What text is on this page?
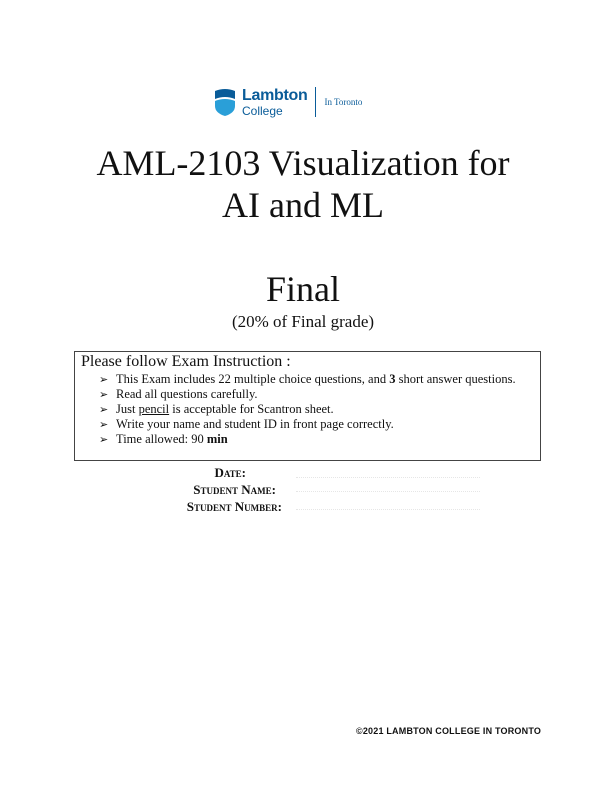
Lambton
College
In Toronto
AML-2103 Visualization for
AI and ML
Final
(20% of Final grade)
Please follow Exam Instruction :
➢ This Exam includes 22 multiple choice questions, and 3 short answer questions.
➢ Read all questions carefully.
➢ Just pencil is acceptable for Scantron sheet.
➢ Write your name and student ID in front page correctly.
➢ Time allowed: 90 min
Date:
Student Name:
Student Number:
©2021 LAMBTON COLLEGE IN TORONTO
